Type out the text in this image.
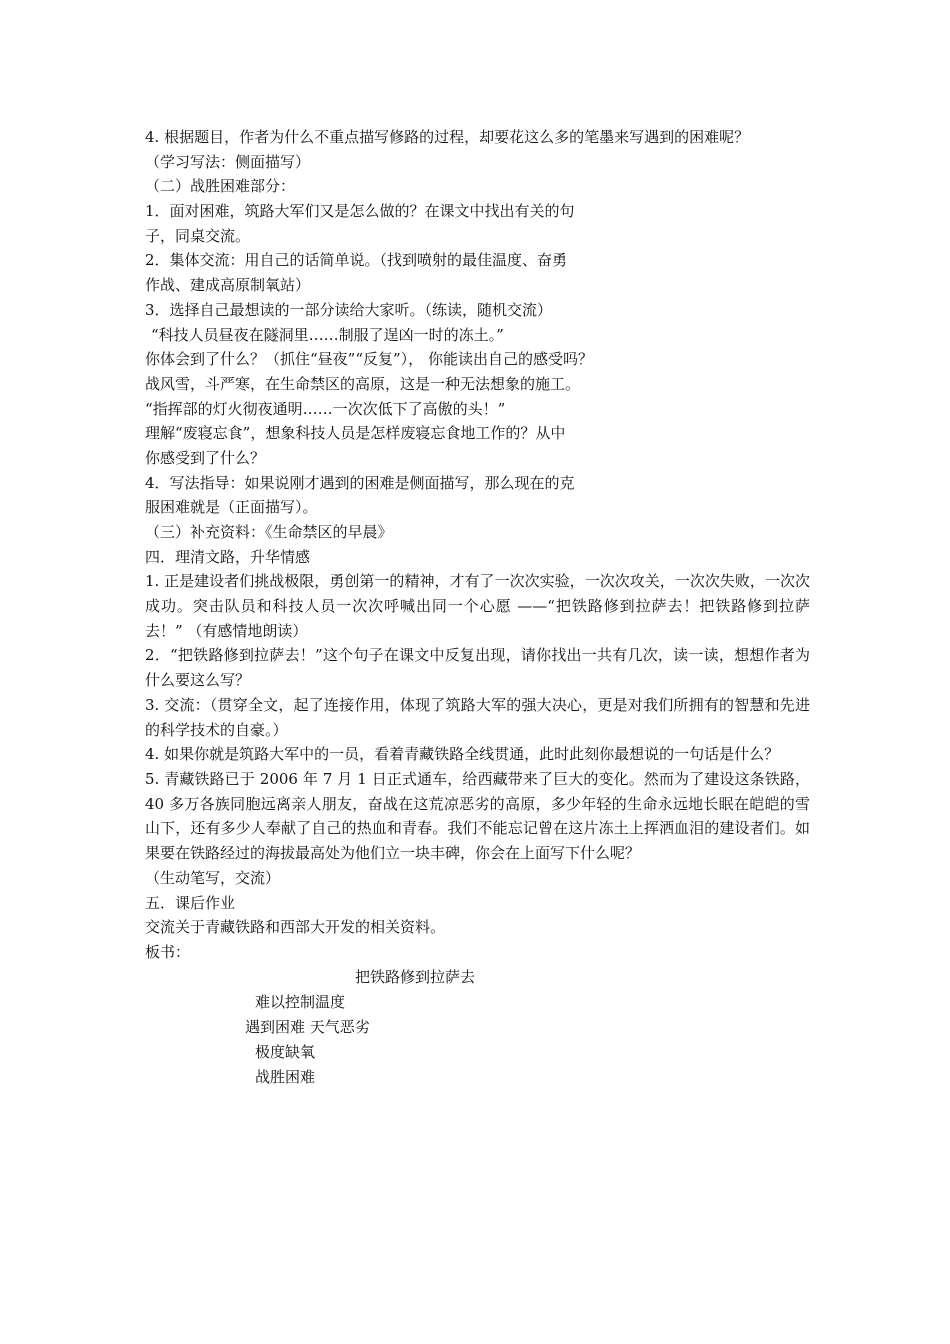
4. 根据题目，作者为什么不重点描写修路的过程，却要花这么多的笔墨来写遇到的困难呢？
（学习写法：侧面描写）
（二）战胜困难部分：
1．面对困难，筑路大军们又是怎么做的？在课文中找出有关的句
子，同桌交流。
2．集体交流：用自己的话简单说。（找到喷射的最佳温度、奋勇
作战、建成高原制氧站）
3．选择自己最想读的一部分读给大家听。（练读，随机交流）
“科技人员昼夜在隧洞里……制服了逞凶一时的冻土。”
你体会到了什么？（抓住“昼夜”“反复”）， 你能读出自己的感受吗？
战风雪，斗严寒，在生命禁区的高原，这是一种无法想象的施工。
“指挥部的灯火彻夜通明……一次次低下了高傲的头！”
理解“废寝忘食”，想象科技人员是怎样废寝忘食地工作的？从中
你感受到了什么？
4．写法指导：如果说刚才遇到的困难是侧面描写，那么现在的克
服困难就是（正面描写）。
（三）补充资料：《生命禁区的早晨》
四．理清文路，升华情感
1. 正是建设者们挑战极限，勇创第一的精神，才有了一次次实验，一次次攻关，一次次失败，一次次成功。突击队员和科技人员一次次呼喊出同一个心愿 ——“把铁路修到拉萨去！把铁路修到拉萨去！” （有感情地朗读）
2．“把铁路修到拉萨去！”这个句子在课文中反复出现，请你找出一共有几次，读一读，想想作者为什么要这么写？
3. 交流：（贯穿全文，起了连接作用，体现了筑路大军的强大决心，更是对我们所拥有的智慧和先进的科学技术的自豪。）
4. 如果你就是筑路大军中的一员，看着青藏铁路全线贯通，此时此刻你最想说的一句话是什么？
5. 青藏铁路已于 2006 年 7 月 1 日正式通车，给西藏带来了巨大的变化。然而为了建设这条铁路，40 多万各族同胞远离亲人朋友，奋战在这荒凉恶劣的高原，多少年轻的生命永远地长眠在皑皑的雪山下，还有多少人奉献了自己的热血和青春。我们不能忘记曾在这片冻土上挥洒血泪的建设者们。如果要在铁路经过的海拔最高处为他们立一块丰碑，你会在上面写下什么呢？
（生动笔写，交流）
五．课后作业
交流关于青藏铁路和西部大开发的相关资料。
板书：
把铁路修到拉萨去
难以控制温度
遇到困难 天气恶劣
极度缺氧
战胜困难
